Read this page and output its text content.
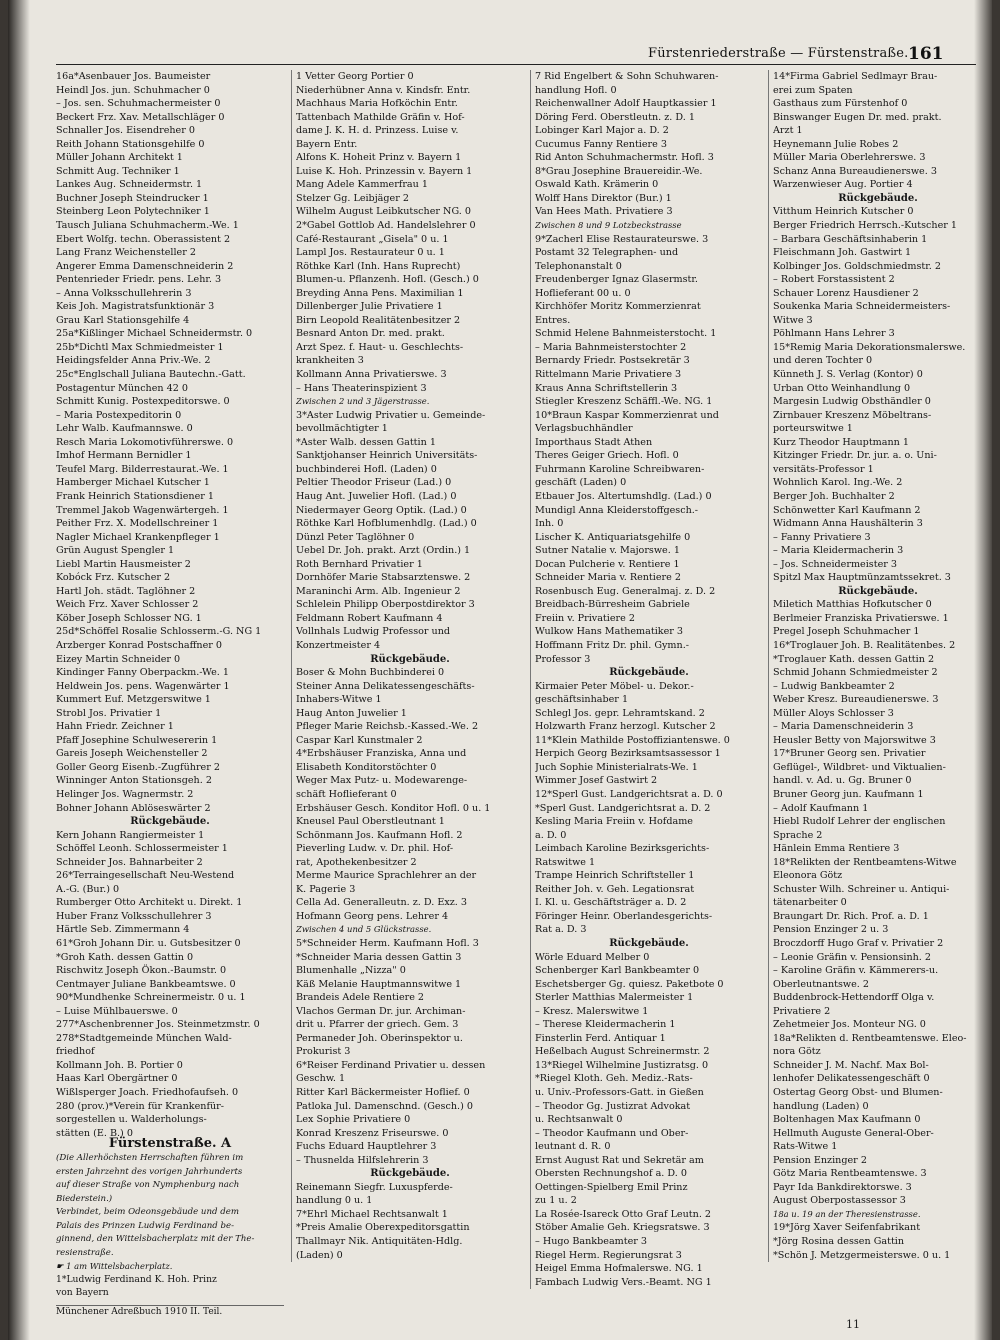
Fürstenriederstraße — Fürstenstraße. 161
16a*Asenbauer Jos. Baumeister
Heindl Jos. jun. Schuhmacher 0
– Jos. sen. Schuhmachermeister 0
Beckert Frz. Xav. Metallschläger 0
Schnaller Jos. Eisendreher 0
Reith Johann Stationsgehilfe 0
Müller Johann Architekt 1
Schmitt Aug. Techniker 1
Lankes Aug. Schneidermstr. 1
Buchner Joseph Steindrucker 1
Steinberg Leon Polytechniker 1
Tausch Juliana Schuhmacherm.-We. 1
Ebert Wolfg. techn. Oberassistent 2
Lang Franz Weichensteller 2
Angerer Emma Damenschneiderin 2
Pentenrieder Friedr. pens. Lehr. 3
– Anna Volksschullehrerin 3
Keis Joh. Magistratsfunktionär 3
Grau Karl Stationsgehilfe 4
25a*Kißlinger Michael Schneidermstr. 0
25b*Dichtl Max Schmiedmeister 1
Heidingsfelder Anna Priv.-We. 2
25c*Englschall Juliana Bautechn.-Gatt.
Postagentur München 42 0
Schmitt Kunig. Postexpeditorswe. 0
– Maria Postexpeditorin 0
Lehr Walb. Kaufmannswe. 0
Resch Maria Lokomotivführerswe. 0
Imhof Hermann Bernidler 1
Teufel Marg. Bilderrestaurat.-We. 1
Hamberger Michael Kutscher 1
Frank Heinrich Stationsdiener 1
Tremmel Jakob Wagenwärtergeh. 1
Peither Frz. X. Modellschreiner 1
Nagler Michael Krankenpfleger 1
Grün August Spengler 1
Liebl Martin Hausmeister 2
Kobóck Frz. Kutscher 2
Hartl Joh. städt. Taglöhner 2
Weich Frz. Xaver Schlosser 2
Köber Joseph Schlosser NG. 1
25d*Schöffel Rosalie Schlosserm.-G. NG 1
Arzberger Konrad Postschaffner 0
Eizey Martin Schneider 0
Kindinger Fanny Oberpackm.-We. 1
Heldwein Jos. pens. Wagenwärter 1
Kummert Euf. Metzgerswitwe 1
Strobl Jos. Privatier 1
Hahn Friedr. Zeichner 1
Pfaff Josephine Schulwesererin 1
Gareis Joseph Weichensteller 2
Goller Georg Eisenb.-Zugführer 2
Winninger Anton Stationsgeh. 2
Helinger Jos. Wagnermstr. 2
Bohner Johann Ablöseswärter 2
Rückgebäude.
Kern Johann Rangiermeister 1
Schöffel Leonh. Schlossermeister 1
Schneider Jos. Bahnarbeiter 2
26*Terraingesellschaft Neu-Westend
A.-G. (Bur.) 0
Rumberger Otto Architekt u. Direkt. 1
Huber Franz Volksschullehrer 3
Härtle Seb. Zimmermann 4
61*Groh Johann Dir. u. Gutsbesitzer 0
*Groh Kath. dessen Gattin 0
Rischwitz Joseph Ökon.-Baumstr. 0
Centmayer Juliane Bankbeamtswe. 0
90*Mundhenke Schreinermeistr. 0 u. 1
– Luise Mühlbauerswe. 0
277*Aschenbrenner Jos. Steinmetzmstr. 0
278*Stadtgemeinde München Wald-
friedhof
Kollmann Joh. B. Portier 0
Haas Karl Obergärtner 0
Wißlsperger Joach. Friedhofaufseh. 0
280 (prov.)*Verein für Krankenfür-
sorgestellen u. Walderholungs-
stätten (E. B.) 0
1 Vetter Georg Portier 0
Niederhübner Anna v. Kindsfr. Entr.
Machhaus Maria Hofköchin Entr.
Tattenbach Mathilde Gräfin v. Hof-
dame J. K. H. d. Prinzess. Luise v.
Bayern Entr.
Alfons K. Hoheit Prinz v. Bayern 1
Luise K. Hoh. Prinzessin v. Bayern 1
Mang Adele Kammerfrau 1
Stelzer Gg. Leibjäger 2
Wilhelm August Leibkutscher NG. 0
2*Gabel Gottlob Ad. Handelslehrer 0
Café-Restaurant „Gisela" 0 u. 1
Lampl Jos. Restaurateur 0 u. 1
Röthke Karl (Inh. Hans Ruprecht)
Blumen-u. Pflanzenh. Hofl. (Gesch.) 0
Breyding Anna Pens. Maximilian 1
Dillenberger Julie Privatiere 1
Birn Leopold Realitätenbesitzer 2
Besnard Anton Dr. med. prakt.
Arzt Spez. f. Haut- u. Geschlechts-
krankheiten 3
Kollmann Anna Privatierswe. 3
– Hans Theaterinspizient 3
Zwischen 2 und 3 Jägerstrasse.
3*Aster Ludwig Privatier u. Gemeinde-
bevollmächtigter 1
*Aster Walb. dessen Gattin 1
Sanktjohanser Heinrich Universitäts-
buchbinderei Hofl. (Laden) 0
Peltier Theodor Friseur (Lad.) 0
Haug Ant. Juwelier Hofl. (Lad.) 0
Niedermayer Georg Optik. (Lad.) 0
Röthke Karl Hofblumenhdlg. (Lad.) 0
Dünzl Peter Taglöhner 0
Uebel Dr. Joh. prakt. Arzt (Ordin.) 1
Roth Bernhard Privatier 1
Dornhöfer Marie Stabsarztenswe. 2
Maraninchi Arm. Alb. Ingenieur 2
Schlelein Philipp Oberpostdirektor 3
Feldmann Robert Kaufmann 4
Vollnhals Ludwig Professor und
Konzertmeister 4
Rückgebäude.
Boser & Mohn Buchbinderei 0
Steiner Anna Delikatessengeschäfts-
Inhabers-Witwe 1
Haug Anton Juwelier 1
Pfleger Marie Reichsb.-Kassed.-We. 2
Caspar Karl Kunstmaler 2
4*Erbshäuser Franziska, Anna und
Elisabeth Konditorstöchter 0
Weger Max Putz- u. Modewarenge-
schäft Hoflieferant 0
Erbshäuser Gesch. Konditor Hofl. 0 u. 1
Kneusel Paul Oberstleutnant 1
Schönmann Jos. Kaufmann Hofl. 2
Pieverling Ludw. v. Dr. phil. Hof-
rat, Apothekenbesitzer 2
Merme Maurice Sprachlehrer an der
K. Pagerie 3
Cella Ad. Generalleutn. z. D. Exz. 3
Hofmann Georg pens. Lehrer 4
Zwischen 4 und 5 Glückstrasse.
5*Schneider Herm. Kaufmann Hofl. 3
*Schneider Maria dessen Gattin 3
Blumenhalle „Nizza" 0
Käß Melanie Hauptmannswitwe 1
Brandeis Adele Rentiere 2
Vlachos German Dr. jur. Archiman-
drit u. Pfarrer der griech. Gem. 3
Permaneder Joh. Oberinspektor u.
Prokurist 3
6*Reiser Ferdinand Privatier u. dessen
Geschw. 1
Ritter Karl Bäckermeister Hoflief. 0
Patloka Jul. Damenschnd. (Gesch.) 0
Lex Sophie Privatiere 0
Konrad Kreszenz Friseurswe. 0
Fuchs Eduard Hauptlehrer 3
– Thusnelda Hilfslehrerin 3
Rückgebäude.
Reinemann Siegfr. Luxuspferde-
handlung 0 u. 1
7*Ehrl Michael Rechtsanwalt 1
*Preis Amalie Oberexpeditorsgattin
Thallmayr Nik. Antiquitäten-Hdlg.
(Laden) 0
7 Rid Engelbert & Sohn Schuhwaren-
handlung Hofl. 0
Reichenwallner Adolf Hauptkassier 1
Döring Ferd. Oberstleutn. z. D. 1
Lobinger Karl Major a. D. 2
Cucumus Fanny Rentiere 3
Rid Anton Schuhmachermstr. Hofl. 3
8*Grau Josephine Brauereidir.-We.
Oswald Kath. Krämerin 0
Wolff Hans Direktor (Bur.) 1
Van Hees Math. Privatiere 3
Zwischen 8 und 9 Lotzbeckstrasse
9*Zacherl Elise Restaurateurswe. 3
Postamt 32 Telegraphen- und
Telephonanstalt 0
Freudenberger Ignaz Glasermstr.
Hoflieferant 00 u. 0
Kirchhöfer Moritz Kommerzienrat
Entres.
Schmid Helene Bahnmeisterstocht. 1
– Maria Bahnmeisterstochter 2
Bernardy Friedr. Postsekretär 3
Rittelmann Marie Privatiere 3
Kraus Anna Schriftstellerin 3
Stiegler Kreszenz Schäffl.-We. NG. 1
10*Braun Kaspar Kommerzienrat und
Verlagsbuchhändler
Importhaus Stadt Athen
Theres Geiger Griech. Hofl. 0
Fuhrmann Karoline Schreibwaren-
geschäft (Laden) 0
Etbauer Jos. Altertumshdlg. (Lad.) 0
Mundigl Anna Kleiderstoffgesch.-
Inh. 0
Lischer K. Antiquariatsgehilfe 0
Sutner Natalie v. Majorswe. 1
Docan Pulcherie v. Rentiere 1
Schneider Maria v. Rentiere 2
Rosenbusch Eug. Generalmaj. z. D. 2
Breidbach-Bürresheim Gabriele
Freiin v. Privatiere 2
Wulkow Hans Mathematiker 3
Hoffmann Fritz Dr. phil. Gymn.-
Professor 3
Rückgebäude.
Kirmaier Peter Möbel- u. Dekor.-
geschäftsinhaber 1
Schlegl Jos. gepr. Lehramtskand. 2
Holzwarth Franz herzogl. Kutscher 2
11*Klein Mathilde Postoffiziantenswe. 0
Herpich Georg Bezirksamtsassessor 1
Juch Sophie Ministerialrats-We. 1
Wimmer Josef Gastwirt 2
12*Sperl Gust. Landgerichtsrat a. D. 0
*Sperl Gust. Landgerichtsrat a. D. 2
Kesling Maria Freiin v. Hofdame
a. D. 0
Leimbach Karoline Bezirksgerichts-
Ratswitwe 1
Trampe Heinrich Schriftsteller 1
Reither Joh. v. Geh. Legationsrat
I. Kl. u. Geschäftsträger a. D. 2
Föringer Heinr. Oberlandesgerichts-
Rat a. D. 3
Rückgebäude.
Wörle Eduard Melber 0
Schenberger Karl Bankbeamter 0
Eschetsberger Gg. quiesz. Paketbote 0
Sterler Matthias Malermeister 1
– Kresz. Malerswitwe 1
– Therese Kleidermacherin 1
Finsterlin Ferd. Antiquar 1
Heßelbach August Schreinermstr. 2
13*Riegel Wilhelmine Justizratsg. 0
*Riegel Kloth. Geh. Mediz.-Rats-
u. Univ.-Professors-Gatt. in Gießen
– Theodor Gg. Justizrat Advokat
u. Rechtsanwalt 0
– Theodor Kaufmann und Ober-
leutnant d. R. 0
Ernst August Rat und Sekretär am
Obersten Rechnungshof a. D. 0
Oettingen-Spielberg Emil Prinz
zu 1 u. 2
La Rosée-Isareck Otto Graf Leutn. 2
Stöber Amalie Geh. Kriegsratswe. 3
– Hugo Bankbeamter 3
Riegel Herm. Regierungsrat 3
Heigel Emma Hofmalerswe. NG. 1
Fambach Ludwig Vers.-Beamt. NG 1
14*Firma Gabriel Sedlmayr Brau-
erei zum Spaten
Gasthaus zum Fürstenhof 0
Binswanger Eugen Dr. med. prakt.
Arzt 1
Heynemann Julie Robes 2
Müller Maria Oberlehrerswe. 3
Schanz Anna Bureaudienerswe. 3
Warzenwieser Aug. Portier 4
Rückgebäude.
Vitthum Heinrich Kutscher 0
Berger Friedrich Herrsch.-Kutscher 1
– Barbara Geschäftsinhaberin 1
Fleischmann Joh. Gastwirt 1
Kolbinger Jos. Goldschmiedmstr. 2
– Robert Forstassistent 2
Schauer Lorenz Hausdiener 2
Soukenka Maria Schneidermeisters-
Witwe 3
Pöhlmann Hans Lehrer 3
15*Remig Maria Dekorationsmalerswe.
und deren Tochter 0
Künneth J. S. Verlag (Kontor) 0
Urban Otto Weinhandlung 0
Margesin Ludwig Obsthändler 0
Zirnbauer Kreszenz Möbeltrans-
porteurswitwe 1
Kurz Theodor Hauptmann 1
Kitzinger Friedr. Dr. jur. a. o. Uni-
versitäts-Professor 1
Wohnlich Karol. Ing.-We. 2
Berger Joh. Buchhalter 2
Schönwetter Karl Kaufmann 2
Widmann Anna Haushälterin 3
– Fanny Privatiere 3
– Maria Kleidermacherin 3
– Jos. Schneidermeister 3
Spitzl Max Hauptmünzamtssekret. 3
Rückgebäude.
Miletich Matthias Hofkutscher 0
Berlmeier Franziska Privatierswe. 1
Pregel Joseph Schuhmacher 1
16*Troglauer Joh. B. Realitätenbes. 2
*Troglauer Kath. dessen Gattin 2
Schmid Johann Schmiedmeister 2
– Ludwig Bankbeamter 2
Weber Kresz. Bureaudienerswe. 3
Müller Aloys Schlosser 3
– Maria Damenschneiderin 3
Heusler Betty von Majorswitwe 3
17*Bruner Georg sen. Privatier
Geflügel-, Wildbret- und Viktualien-
handl. v. Ad. u. Gg. Bruner 0
Bruner Georg jun. Kaufmann 1
– Adolf Kaufmann 1
Hiebl Rudolf Lehrer der englischen
Sprache 2
Hänlein Emma Rentiere 3
18*Relikten der Rentbeamtens-Witwe
Eleonora Götz
Schuster Wilh. Schreiner u. Antiqui-
tätenarbeiter 0
Braungart Dr. Rich. Prof. a. D. 1
Pension Enzinger 2 u. 3
Broczdorff Hugo Graf v. Privatier 2
– Leonie Gräfin v. Pensionsinh. 2
– Karoline Gräfin v. Kämmerers-u.
Oberleutnantswe. 2
Buddenbrock-Hettendorff Olga v.
Privatiere 2
Zehetmeier Jos. Monteur NG. 0
18a*Relikten d. Rentbeamtenswe. Eleo-
nora Götz
Schneider J. M. Nachf. Max Bol-
lenhofer Delikatessengeschäft 0
Ostertag Georg Obst- und Blumen-
handlung (Laden) 0
Boltenhagen Max Kaufmann 0
Hellmuth Auguste General-Ober-
Rats-Witwe 1
Pension Enzinger 2
Götz Maria Rentbeamtenswe. 3
Payr Ida Bankdirektorswe. 3
August Oberpostassessor 3
18a u. 19 an der Theresienstrasse.
19*Jörg Xaver Seifenfabrikant
*Jörg Rosina dessen Gattin
*Schön J. Metzgermeisterswe. 0 u. 1
Fürstenstraße. A
(Die Allerhöchsten Herrschaften führen im
ersten Jahrzehnt des vorigen Jahrhunderts
auf dieser Straße von Nymphenburg nach
Biederstein.)
Verbindet, beim Odeonsgebäude und dem
Palais des Prinzen Ludwig Ferdinand be-
ginnend, den Wittelsbacherplatz mit der The-
resienstraße.
☛ 1 am Wittelsbacherplatz.
1*Ludwig Ferdinand K. Hoh. Prinz
von Bayern
Münchener Adreßbuch 1910 II. Teil.
11
